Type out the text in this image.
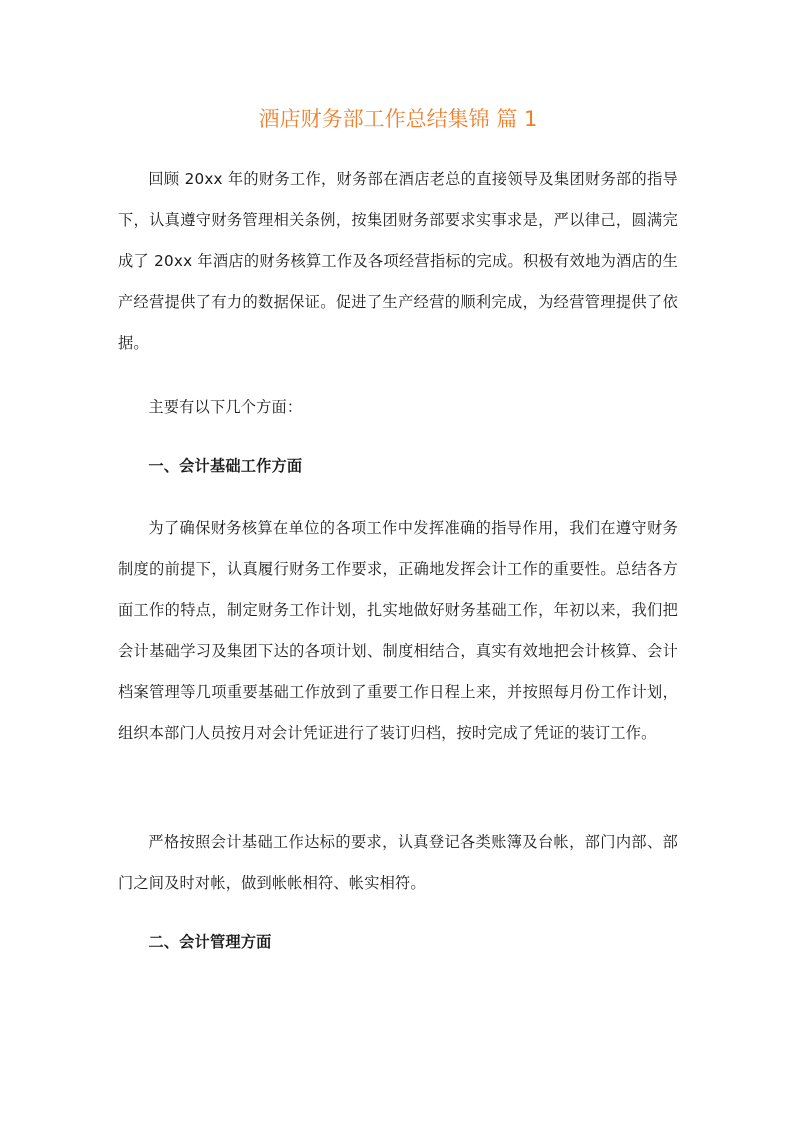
酒店财务部工作总结集锦 篇 1
回顾 20xx 年的财务工作，财务部在酒店老总的直接领导及集团财务部的指导下，认真遵守财务管理相关条例，按集团财务部要求实事求是，严以律己，圆满完成了 20xx 年酒店的财务核算工作及各项经营指标的完成。积极有效地为酒店的生产经营提供了有力的数据保证。促进了生产经营的顺利完成，为经营管理提供了依据。
主要有以下几个方面：
一、会计基础工作方面
为了确保财务核算在单位的各项工作中发挥准确的指导作用，我们在遵守财务制度的前提下，认真履行财务工作要求，正确地发挥会计工作的重要性。总结各方面工作的特点，制定财务工作计划，扎实地做好财务基础工作，年初以来，我们把会计基础学习及集团下达的各项计划、制度相结合，真实有效地把会计核算、会计档案管理等几项重要基础工作放到了重要工作日程上来，并按照每月份工作计划，组织本部门人员按月对会计凭证进行了装订归档，按时完成了凭证的装订工作。
严格按照会计基础工作达标的要求，认真登记各类账簿及台帐，部门内部、部门之间及时对帐，做到帐帐相符、帐实相符。
二、会计管理方面
